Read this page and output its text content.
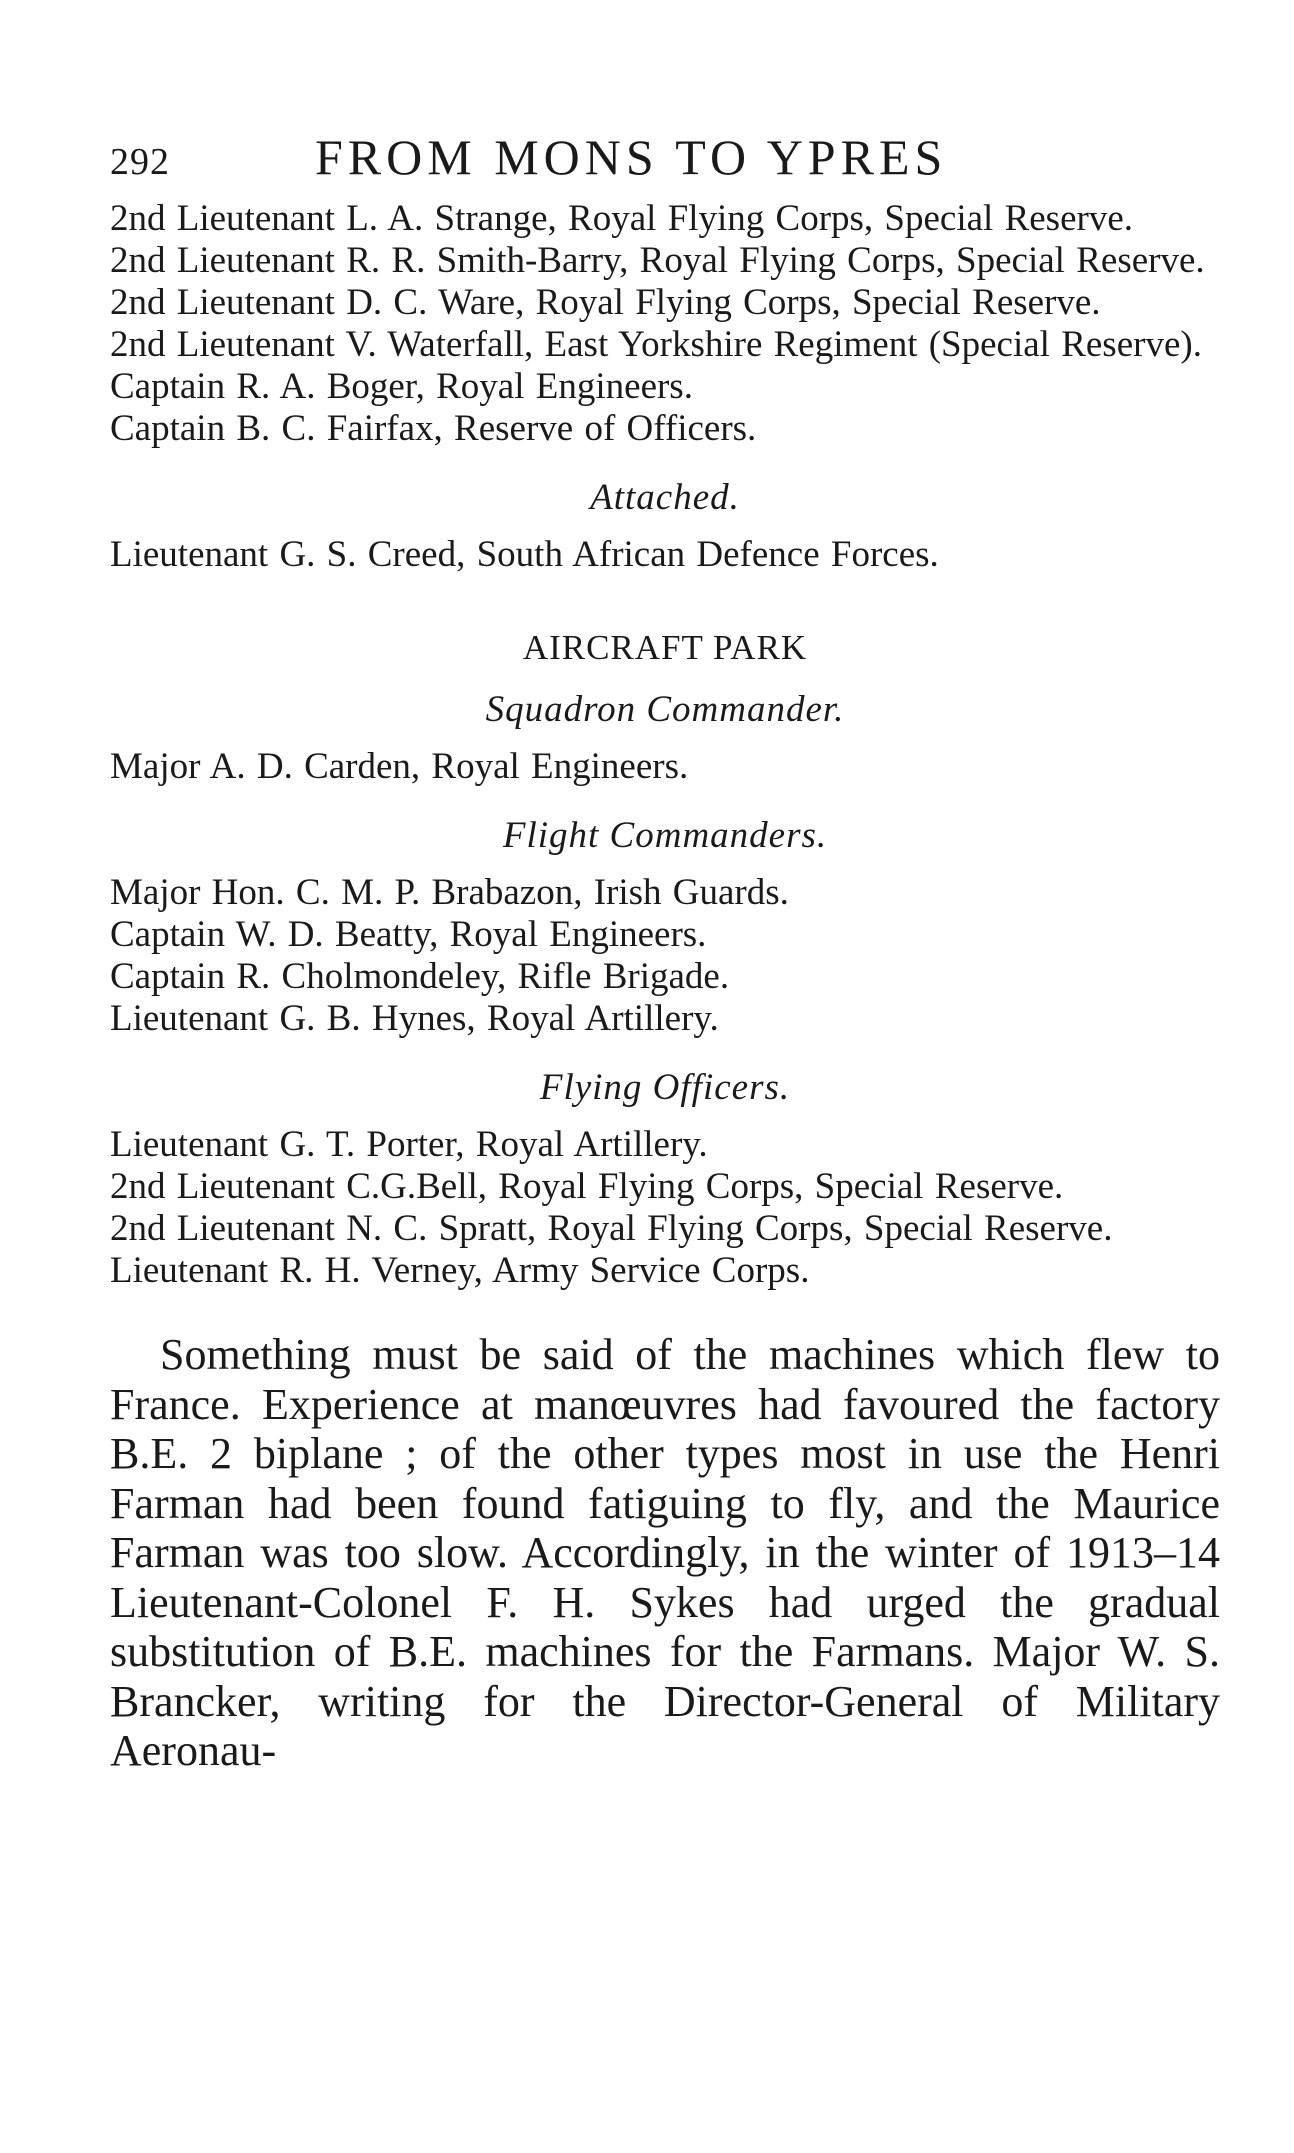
292	FROM MONS TO YPRES
2nd Lieutenant L. A. Strange, Royal Flying Corps, Special Reserve.
2nd Lieutenant R. R. Smith-Barry, Royal Flying Corps, Special Reserve.
2nd Lieutenant D. C. Ware, Royal Flying Corps, Special Reserve.
2nd Lieutenant V. Waterfall, East Yorkshire Regiment (Special Reserve).
Captain R. A. Boger, Royal Engineers.
Captain B. C. Fairfax, Reserve of Officers.
Attached.
Lieutenant G. S. Creed, South African Defence Forces.
AIRCRAFT PARK
Squadron Commander.
Major A. D. Carden, Royal Engineers.
Flight Commanders.
Major Hon. C. M. P. Brabazon, Irish Guards.
Captain W. D. Beatty, Royal Engineers.
Captain R. Cholmondeley, Rifle Brigade.
Lieutenant G. B. Hynes, Royal Artillery.
Flying Officers.
Lieutenant G. T. Porter, Royal Artillery.
2nd Lieutenant C.G.Bell, Royal Flying Corps, Special Reserve.
2nd Lieutenant N. C. Spratt, Royal Flying Corps, Special Reserve.
Lieutenant R. H. Verney, Army Service Corps.
Something must be said of the machines which flew to France. Experience at manœuvres had favoured the factory B.E. 2 biplane ; of the other types most in use the Henri Farman had been found fatiguing to fly, and the Maurice Farman was too slow. Accordingly, in the winter of 1913–14 Lieutenant-Colonel F. H. Sykes had urged the gradual substitution of B.E. machines for the Farmans. Major W. S. Brancker, writing for the Director-General of Military Aeronau-
